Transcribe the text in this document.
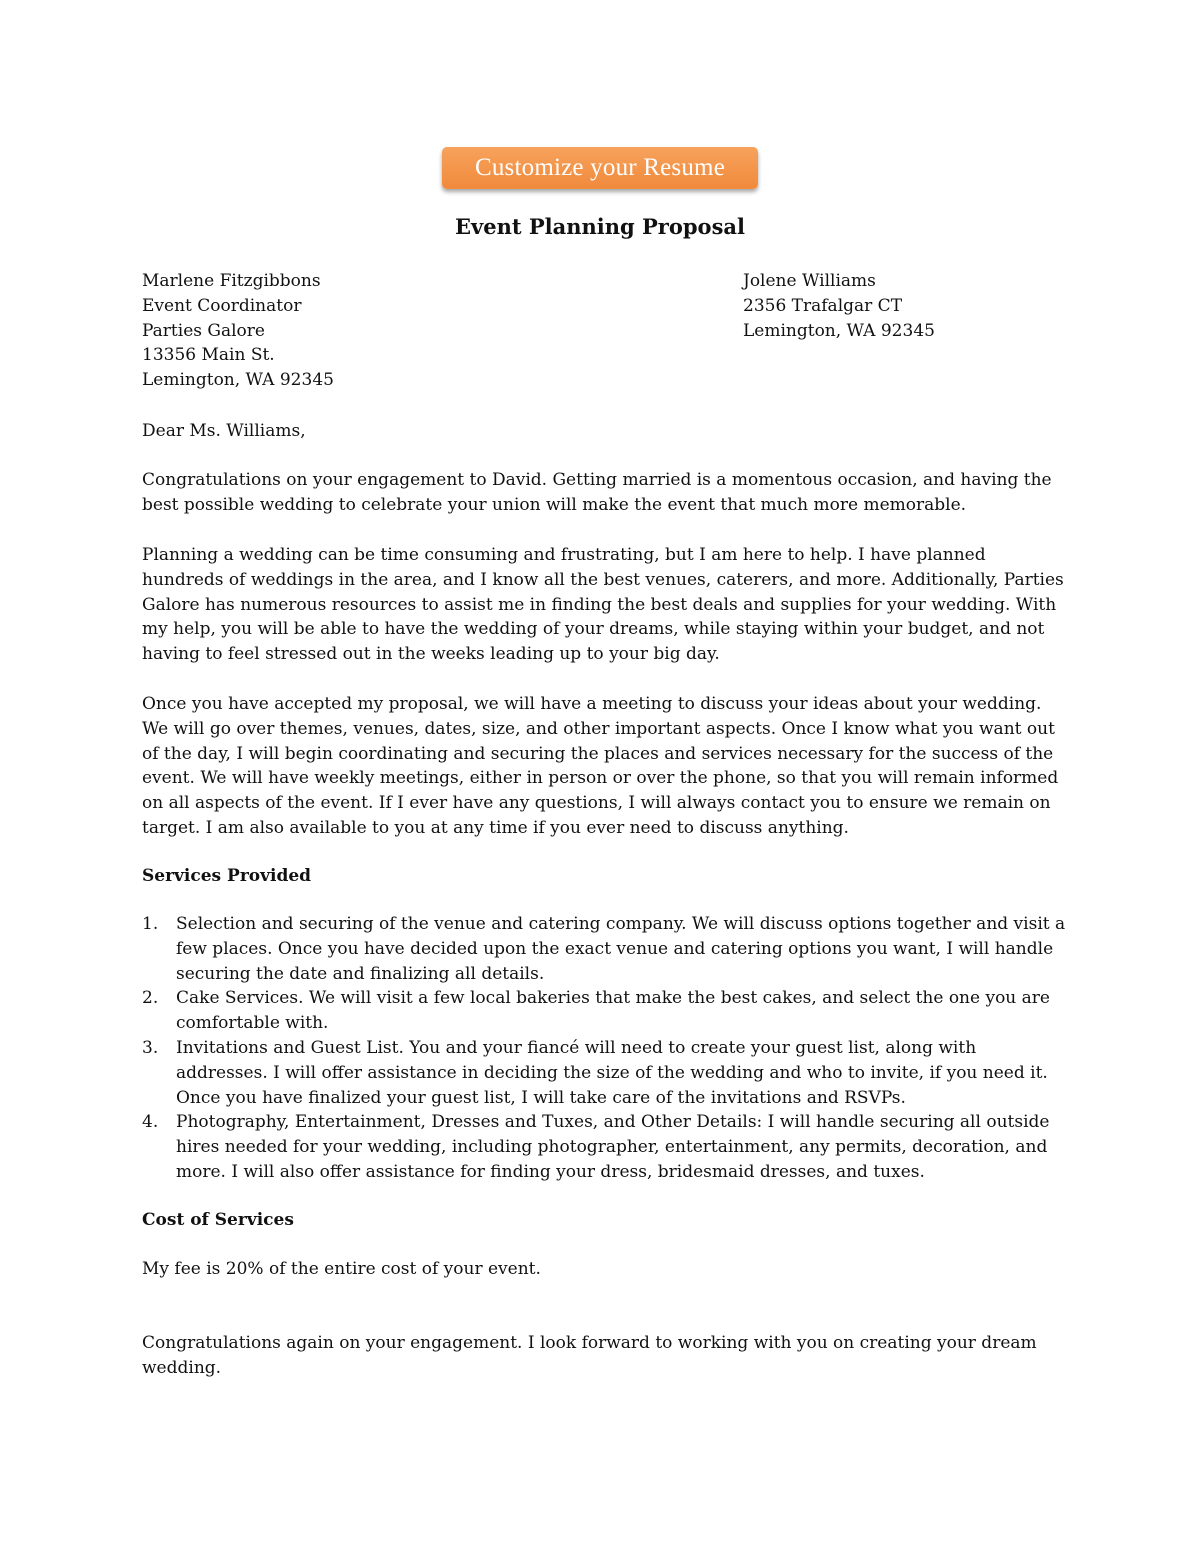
Customize your Resume
Event Planning Proposal
Marlene Fitzgibbons
Event Coordinator
Parties Galore
13356 Main St.
Lemington, WA 92345
Jolene Williams
2356 Trafalgar CT
Lemington, WA 92345

Dear Ms. Williams,

Congratulations on your engagement to David. Getting married is a momentous occasion, and having the best possible wedding to celebrate your union will make the event that much more memorable.

Planning a wedding can be time consuming and frustrating, but I am here to help. I have planned hundreds of weddings in the area, and I know all the best venues, caterers, and more. Additionally, Parties Galore has numerous resources to assist me in finding the best deals and supplies for your wedding. With my help, you will be able to have the wedding of your dreams, while staying within your budget, and not having to feel stressed out in the weeks leading up to your big day.

Once you have accepted my proposal, we will have a meeting to discuss your ideas about your wedding. We will go over themes, venues, dates, size, and other important aspects. Once I know what you want out of the day, I will begin coordinating and securing the places and services necessary for the success of the event. We will have weekly meetings, either in person or over the phone, so that you will remain informed on all aspects of the event. If I ever have any questions, I will always contact you to ensure we remain on target. I am also available to you at any time if you ever need to discuss anything.

Services Provided
1.	Selection and securing of the venue and catering company. We will discuss options together and visit a few places. Once you have decided upon the exact venue and catering options you want, I will handle securing the date and finalizing all details.
2.	Cake Services. We will visit a few local bakeries that make the best cakes, and select the one you are comfortable with.
3.	Invitations and Guest List. You and your fiancé will need to create your guest list, along with addresses. I will offer assistance in deciding the size of the wedding and who to invite, if you need it. Once you have finalized your guest list, I will take care of the invitations and RSVPs.
4.	Photography, Entertainment, Dresses and Tuxes, and Other Details: I will handle securing all outside hires needed for your wedding, including photographer, entertainment, any permits, decoration, and more. I will also offer assistance for finding your dress, bridesmaid dresses, and tuxes.
Cost of Services

My fee is 20% of the entire cost of your event.

Congratulations again on your engagement. I look forward to working with you on creating your dream wedding.
